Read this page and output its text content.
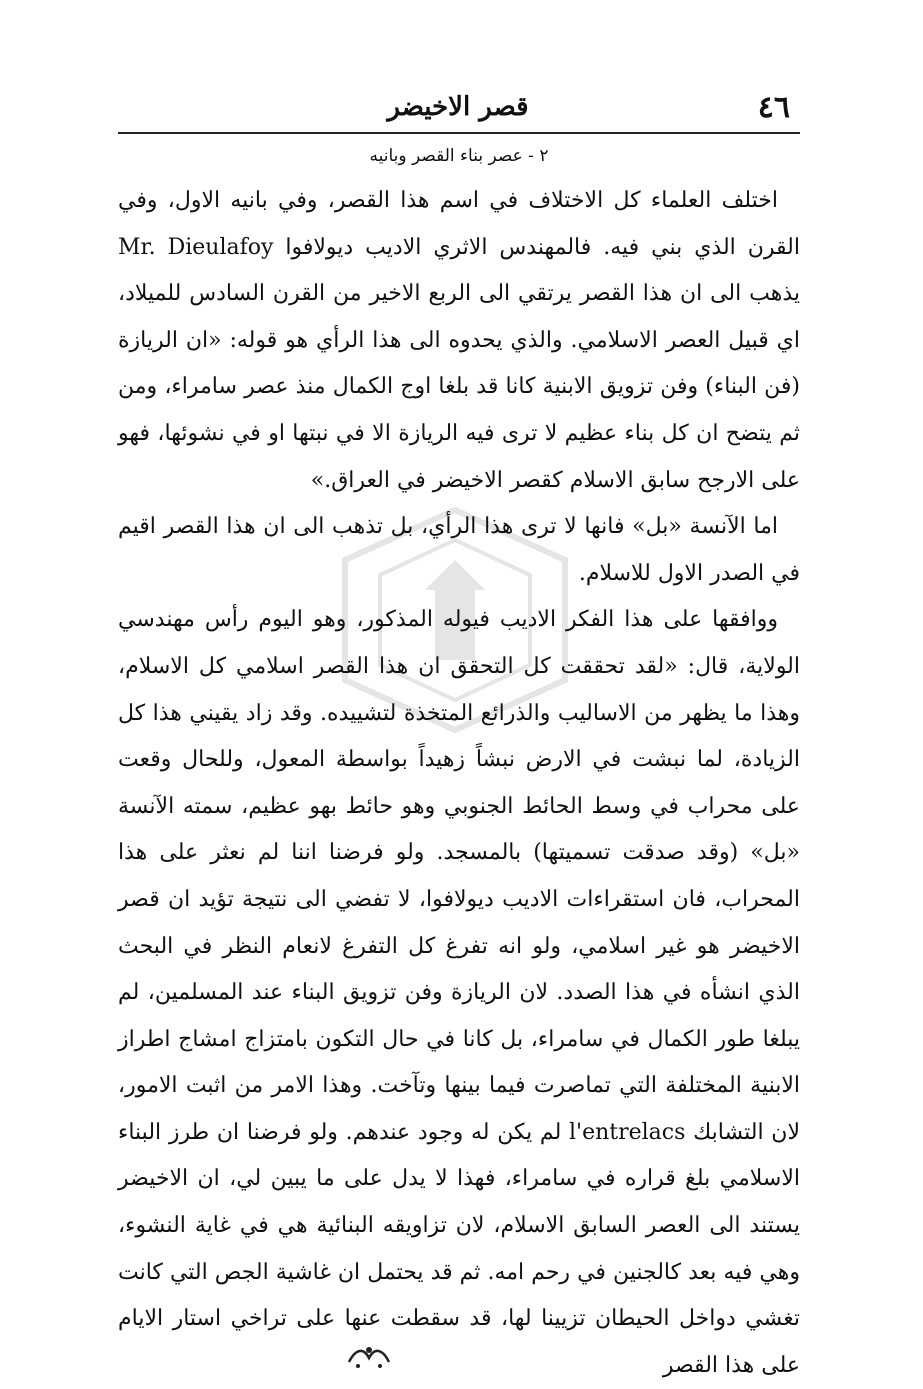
٤٦
قصر الاخيضر
٢ - عصر بناء القصر وبانيه

 اختلف العلماء كل الاختلاف في اسم هذا القصر، وفي بانيه الاول، وفي القرن الذي بني فيه. فالمهندس الاثري الاديب ديولافوا Mr. Dieulafoy يذهب الى ان هذا القصر يرتقي الى الربع الاخير من القرن السادس للميلاد، اي قبيل العصر الاسلامي. والذي يحدوه الى هذا الرأي هو قوله: «ان الريازة (فن البناء) وفن تزويق الابنية كانا قد بلغا اوج الكمال منذ عصر سامراء، ومن ثم يتضح ان كل بناء عظيم لا ترى فيه الريازة الا في نبتها او في نشوئها، فهو على الارجح سابق الاسلام كقصر الاخيضر في العراق.»

 اما الآنسة «بل» فانها لا ترى هذا الرأي، بل تذهب الى ان هذا القصر اقيم في الصدر الاول للاسلام.

 ووافقها على هذا الفكر الاديب فيوله المذكور، وهو اليوم رأس مهندسي الولاية، قال: «لقد تحققت كل التحقق ان هذا القصر اسلامي كل الاسلام، وهذا ما يظهر من الاساليب والذرائع المتخذة لتشييده. وقد زاد يقيني هذا كل الزيادة، لما نبشت في الارض نبشاً زهيداً بواسطة المعول، وللحال وقعت على محراب في وسط الحائط الجنوبي وهو حائط بهو عظيم، سمته الآنسة «بل» (وقد صدقت تسميتها) بالمسجد. ولو فرضنا اننا لم نعثر على هذا المحراب، فان استقراءات الاديب ديولافوا، لا تفضي الى نتيجة تؤيد ان قصر الاخيضر هو غير اسلامي، ولو انه تفرغ كل التفرغ لانعام النظر في البحث الذي انشأه في هذا الصدد. لان الريازة وفن تزويق البناء عند المسلمين، لم يبلغا طور الكمال في سامراء، بل كانا في حال التكون بامتزاج امشاج اطراز الابنية المختلفة التي تماصرت فيما بينها وتآخت. وهذا الامر من اثبت الامور، لان التشابك l'entrelacs لم يكن له وجود عندهم. ولو فرضنا ان طرز البناء الاسلامي بلغ قراره في سامراء، فهذا لا يدل على ما يبين لي، ان الاخيضر يستند الى العصر السابق الاسلام، لان تزاويقه البنائية هي في غاية النشوء، وهي فيه بعد كالجنين في رحم امه. ثم قد يحتمل ان غاشية الجص التي كانت تغشي دواخل الحيطان تزيينا لها، قد سقطت عنها على تراخي استار الايام على هذا القصر
